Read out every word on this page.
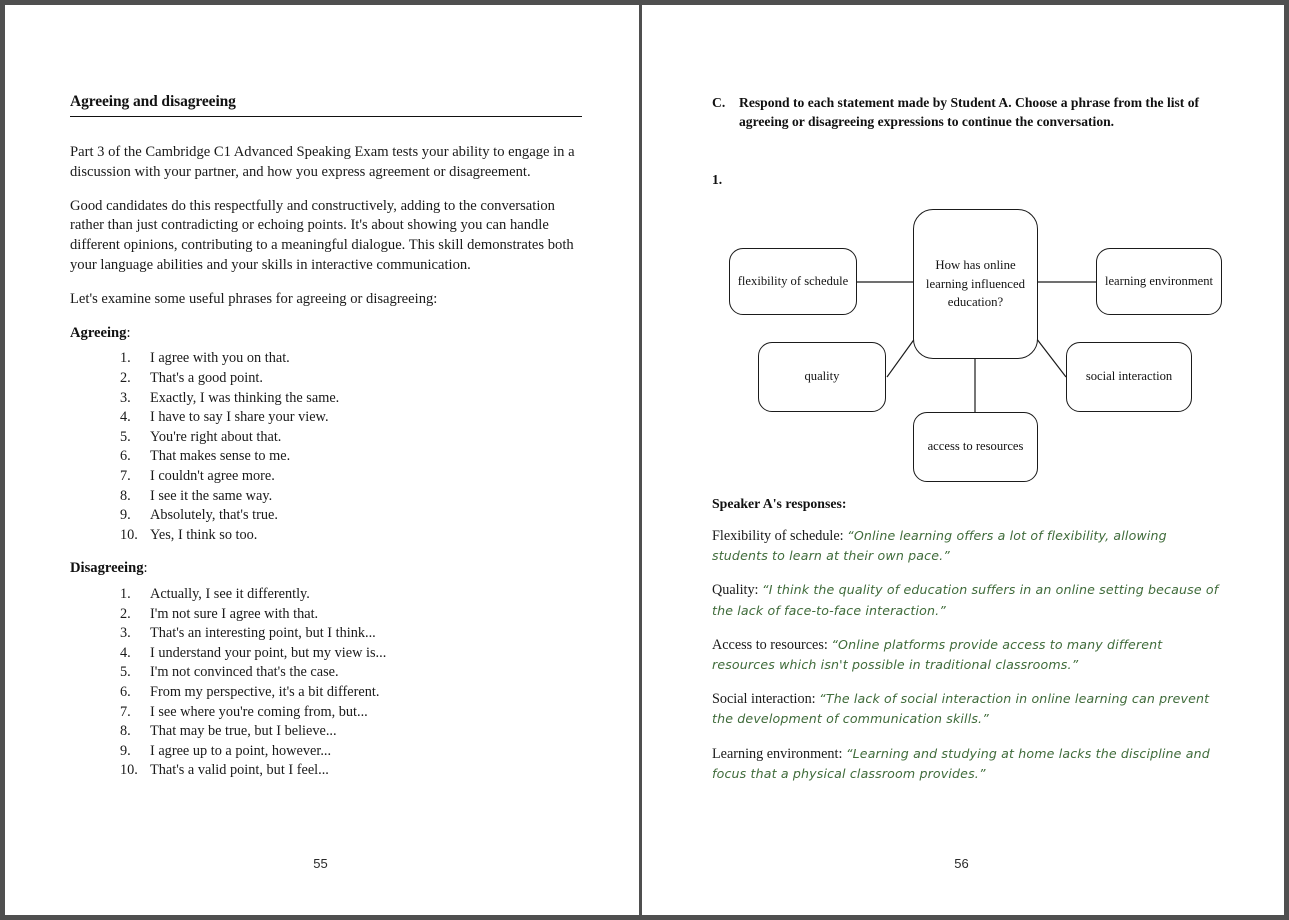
Agreeing and disagreeing

Part 3 of the Cambridge C1 Advanced Speaking Exam tests your ability to engage in a discussion with your partner, and how you express agreement or disagreement.

Good candidates do this respectfully and constructively, adding to the conversation rather than just contradicting or echoing points. It's about showing you can handle different opinions, contributing to a meaningful dialogue. This skill demonstrates both your language abilities and your skills in interactive communication.

Let's examine some useful phrases for agreeing or disagreeing:

Agreeing:

I agree with you on that.
That's a good point.
Exactly, I was thinking the same.
I have to say I share your view.
You're right about that.
That makes sense to me.
I couldn't agree more.
I see it the same way.
Absolutely, that's true.
Yes, I think so too.

Disagreeing:

Actually, I see it differently.
I'm not sure I agree with that.
That's an interesting point, but I think...
I understand your point, but my view is...
I'm not convinced that's the case.
From my perspective, it's a bit different.
I see where you're coming from, but...
That may be true, but I believe...
I agree up to a point, however...
That's a valid point, but I feel...
55
C.	Respond to each statement made by Student A. Choose a phrase from the list of agreeing or disagreeing expressions to continue the conversation.
1.
How has online learning influenced education?
flexibility of schedule
quality
access to resources
social interaction
learning environment
Speaker A's responses:

Flexibility of schedule: “Online learning offers a lot of flexibility, allowing students to learn at their own pace.”

Quality: “I think the quality of education suffers in an online setting because of the lack of face-to-face interaction.”

Access to resources: “Online platforms provide access to many different resources which isn't possible in traditional classrooms.”

Social interaction: “The lack of social interaction in online learning can prevent the development of communication skills.”

Learning environment: “Learning and studying at home lacks the discipline and focus that a physical classroom provides.”

56
